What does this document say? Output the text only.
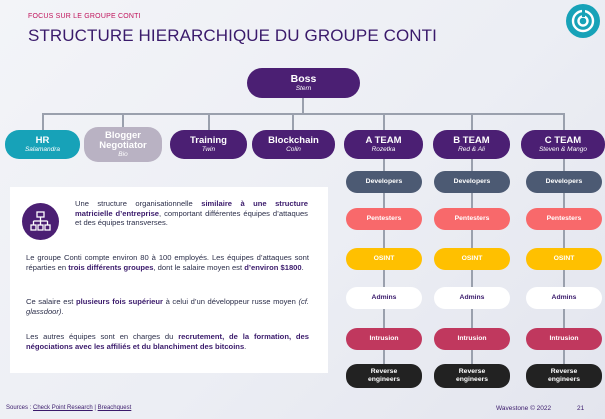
FOCUS SUR LE GROUPE CONTI
STRUCTURE HIERARCHIQUE DU GROUPE CONTI
Boss
Stern
HR
Salamandra
Blogger Negotiator
Bio
Training
Twin
Blockchain
Colin
A TEAM
Rozetka
B TEAM
Red & Ali
C TEAM
Steven & Mango
Developers
Pentesters
OSINT
Admins
Intrusion
Reverse engineers
Developers
Pentesters
OSINT
Admins
Intrusion
Reverse engineers
Developers
Pentesters
OSINT
Admins
Intrusion
Reverse engineers
Une structure organisationnelle similaire à une structure matricielle d’entreprise, comportant différentes équipes d’attaques et des équipes transverses.
Le groupe Conti compte environ 80 à 100 employés. Les équipes d’attaques sont réparties en trois différents groupes, dont le salaire moyen est d’environ $1800.
Ce salaire est plusieurs fois supérieur à celui d’un développeur russe moyen (cf. glassdoor).
Les autres équipes sont en charges du recrutement, de la formation, des négociations avec les affiliés et du blanchiment des bitcoins.
Sources : Check Point Research | Breachquest	Wavestone © 2022	21
